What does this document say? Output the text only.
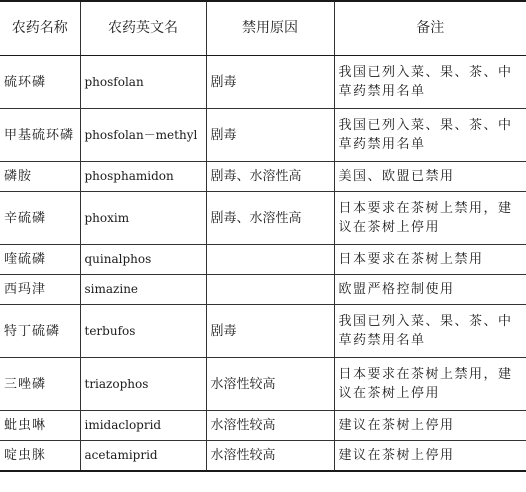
农药名称	农药英文名	禁用原因	备注
硫环磷	phosfolan	剧毒	我国已列入菜、果、茶、中草药禁用名单
甲基硫环磷	phosfolan－methyl	剧毒	我国已列入菜、果、茶、中草药禁用名单
磷胺	phosphamidon	剧毒、水溶性高	美国、欧盟已禁用
辛硫磷	phoxim	剧毒、水溶性高	日本要求在茶树上禁用，建议在茶树上停用
喹硫磷	quinalphos		日本要求在茶树上禁用
西玛津	simazine		欧盟严格控制使用
特丁硫磷	terbufos	剧毒	我国已列入菜、果、茶、中草药禁用名单
三唑磷	triazophos	水溶性较高	日本要求在茶树上禁用，建议在茶树上停用
蚍虫啉	imidacloprid	水溶性较高	建议在茶树上停用
啶虫脒	acetamiprid	水溶性较高	建议在茶树上停用
